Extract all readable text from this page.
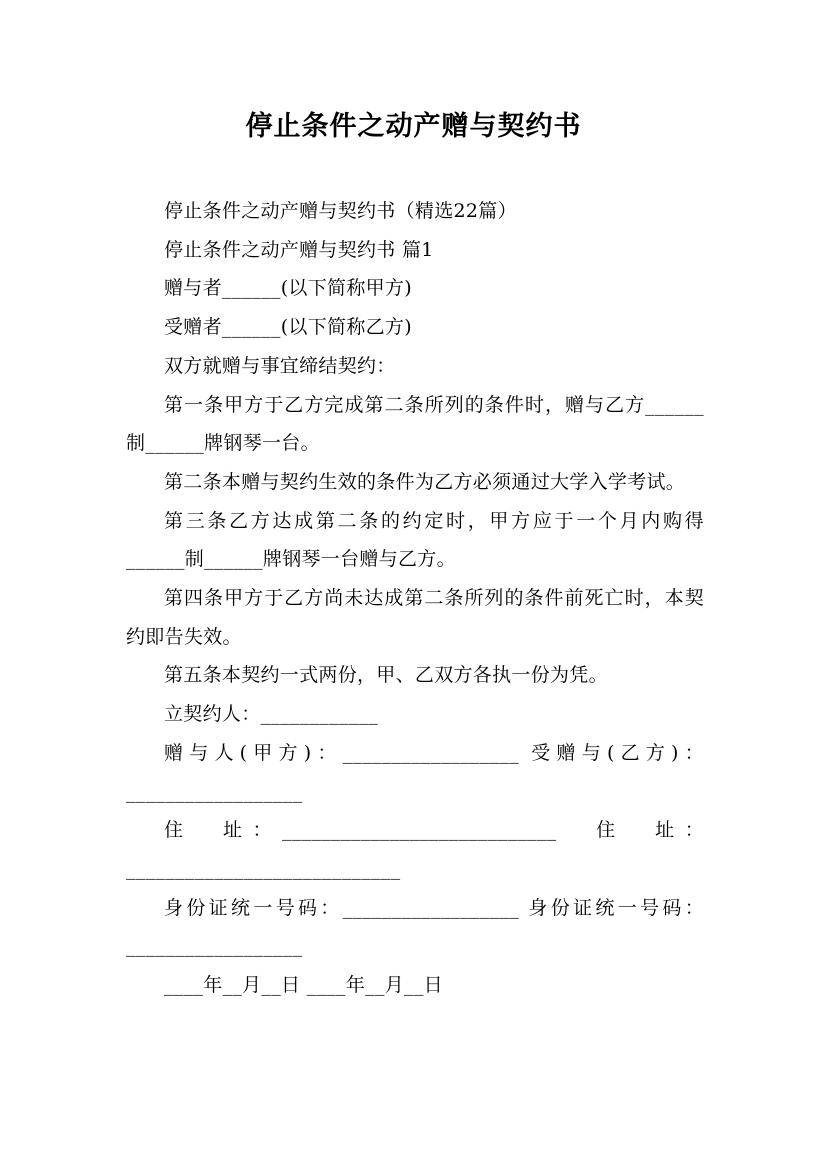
停止条件之动产赠与契约书

停止条件之动产赠与契约书（精选22篇）

停止条件之动产赠与契约书 篇1

赠与者______(以下简称甲方)

受赠者______(以下简称乙方)

双方就赠与事宜缔结契约：

第一条甲方于乙方完成第二条所列的条件时，赠与乙方______制______牌钢琴一台。

第二条本赠与契约生效的条件为乙方必须通过大学入学考试。

第三条乙方达成第二条的约定时，甲方应于一个月内购得______制______牌钢琴一台赠与乙方。

第四条甲方于乙方尚未达成第二条所列的条件前死亡时，本契约即告失效。

第五条本契约一式两份，甲、乙双方各执一份为凭。

立契约人：____________

赠与人(甲方)：__________________ 受赠与(乙方)：__________________

住　址：____________________________　住　址：____________________________

身份证统一号码：__________________ 身份证统一号码：__________________

____年__月__日 ____年__月__日
